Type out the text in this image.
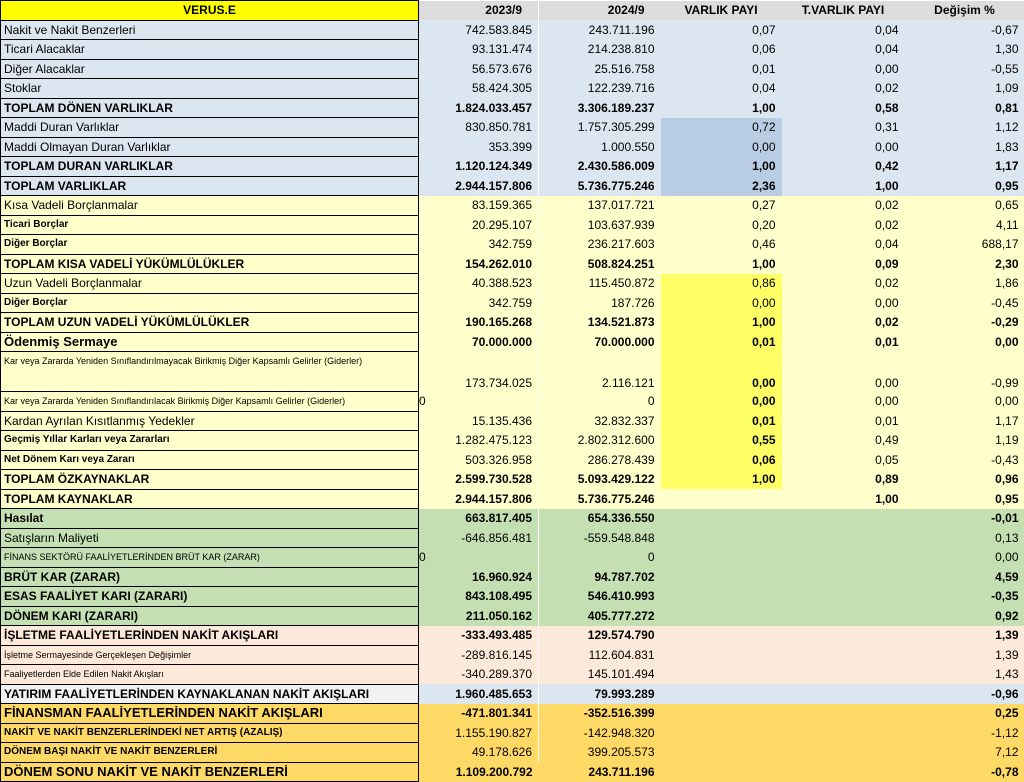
VERUS.E	2023/9	2024/9	VARLIK PAYI	T.VARLIK PAYI	Değişim %
Nakit ve Nakit Benzerleri	742.583.845	243.711.196	0,07	0,04	-0,67
Ticari Alacaklar	93.131.474	214.238.810	0,06	0,04	1,30
Diğer Alacaklar	56.573.676	25.516.758	0,01	0,00	-0,55
Stoklar	58.424.305	122.239.716	0,04	0,02	1,09
TOPLAM DÖNEN VARLIKLAR	1.824.033.457	3.306.189.237	1,00	0,58	0,81
Maddi Duran Varlıklar	830.850.781	1.757.305.299	0,72	0,31	1,12
Maddi Olmayan Duran Varlıklar	353.399	1.000.550	0,00	0,00	1,83
TOPLAM DURAN VARLIKLAR	1.120.124.349	2.430.586.009	1,00	0,42	1,17
TOPLAM VARLIKLAR	2.944.157.806	5.736.775.246	2,36	1,00	0,95
Kısa Vadeli Borçlanmalar	83.159.365	137.017.721	0,27	0,02	0,65
Ticari Borçlar	20.295.107	103.637.939	0,20	0,02	4,11
Diğer Borçlar	342.759	236.217.603	0,46	0,04	688,17
TOPLAM KISA VADELİ YÜKÜMLÜLÜKLER	154.262.010	508.824.251	1,00	0,09	2,30
Uzun Vadeli Borçlanmalar	40.388.523	115.450.872	0,86	0,02	1,86
Diğer Borçlar	342.759	187.726	0,00	0,00	-0,45
TOPLAM UZUN VADELİ YÜKÜMLÜLÜKLER	190.165.268	134.521.873	1,00	0,02	-0,29
Ödenmiş Sermaye	70.000.000	70.000.000	0,01	0,01	0,00
Kar veya Zararda Yeniden Sınıflandırılmayacak Birikmiş Diğer Kapsamlı Gelirler (Giderler)	173.734.025	2.116.121	0,00	0,00	-0,99
Kar veya Zararda Yeniden Sınıflandırılacak Birikmiş Diğer Kapsamlı Gelirler (Giderler)	0	0	0,00	0,00	0,00
Kardan Ayrılan Kısıtlanmış Yedekler	15.135.436	32.832.337	0,01	0,01	1,17
Geçmiş Yıllar Karları veya Zararları	1.282.475.123	2.802.312.600	0,55	0,49	1,19
Net Dönem Karı veya Zararı	503.326.958	286.278.439	0,06	0,05	-0,43
TOPLAM ÖZKAYNAKLAR	2.599.730.528	5.093.429.122	1,00	0,89	0,96
TOPLAM KAYNAKLAR	2.944.157.806	5.736.775.246		1,00	0,95
Hasılat	663.817.405	654.336.550			-0,01
Satışların Maliyeti	-646.856.481	-559.548.848			0,13
FİNANS SEKTÖRÜ FAALİYETLERİNDEN BRÜT KAR (ZARAR)	0	0			0,00
BRÜT KAR (ZARAR)	16.960.924	94.787.702			4,59
ESAS FAALİYET KARI (ZARARI)	843.108.495	546.410.993			-0,35
DÖNEM KARI (ZARARI)	211.050.162	405.777.272			0,92
İŞLETME FAALİYETLERİNDEN NAKİT AKIŞLARI	-333.493.485	129.574.790			1,39
İşletme Sermayesinde Gerçekleşen Değişimler	-289.816.145	112.604.831			1,39
Faaliyetlerden Elde Edilen Nakit Akışları	-340.289.370	145.101.494			1,43
YATIRIM FAALİYETLERİNDEN KAYNAKLANAN NAKİT AKIŞLARI	1.960.485.653	79.993.289			-0,96
FİNANSMAN FAALİYETLERİNDEN NAKİT AKIŞLARI	-471.801.341	-352.516.399			0,25
NAKİT VE NAKİT BENZERLERİNDEKİ NET ARTIŞ (AZALIŞ)	1.155.190.827	-142.948.320			-1,12
DÖNEM BAŞI NAKİT VE NAKİT BENZERLERİ	49.178.626	399.205.573			7,12
DÖNEM SONU NAKİT VE NAKİT BENZERLERİ	1.109.200.792	243.711.196			-0,78
